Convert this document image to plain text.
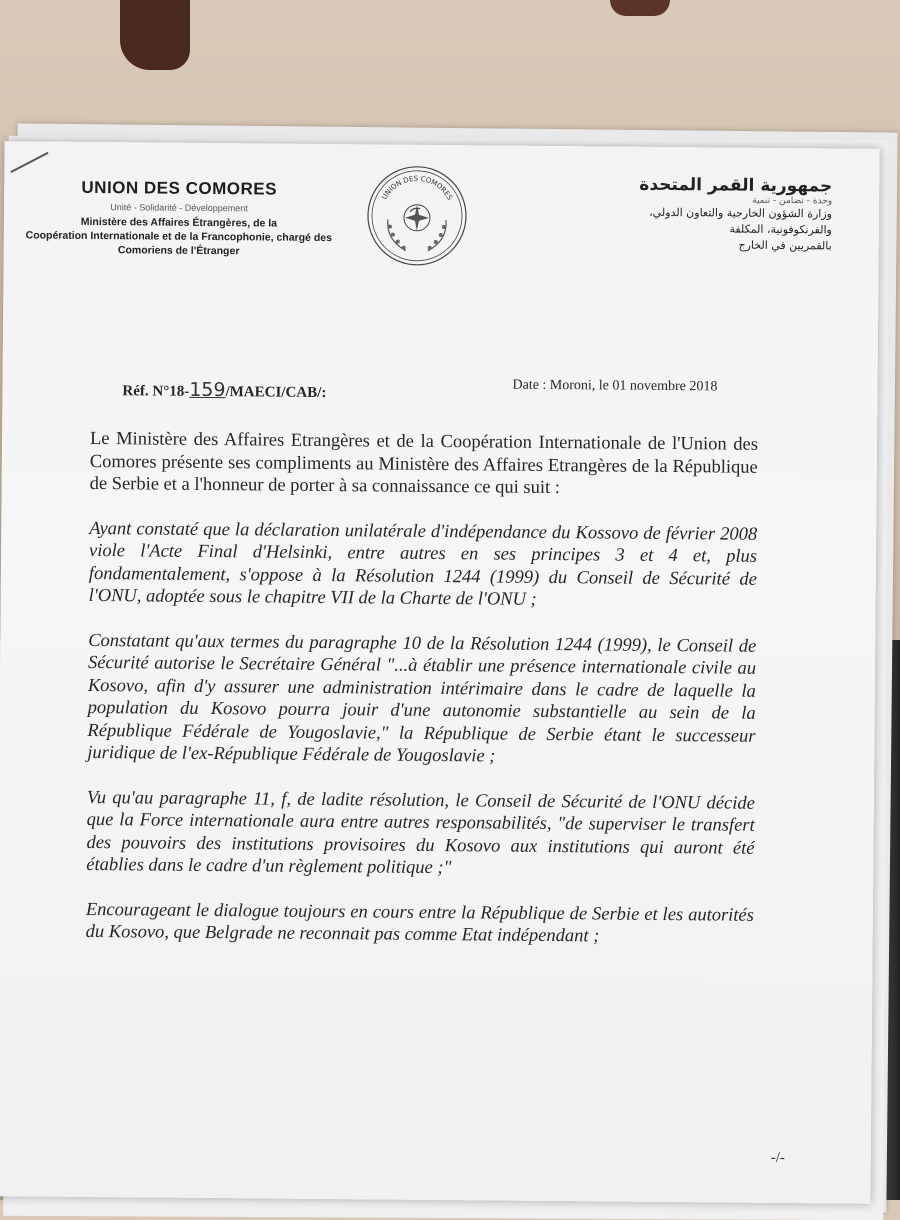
UNION DES COMORES
Unité - Solidarité - Développement
Ministère des Affaires Étrangères, de la
Coopération Internationale et de la Francophonie, chargé des
Comoriens de l'Étranger
UNION DES COMORES
جمهورية القمر المتحدة
وحدة - تضامن - تنمية
وزارة الشؤون الخارجية والتعاون الدولي،
والفرنكوفونية، المكلفة
بالقمريين في الخارج
Réf. N°18-159/MAECI/CAB/:	Date : Moroni, le 01 novembre 2018

Le Ministère des Affaires Etrangères et de la Coopération Internationale de l'Union des Comores présente ses compliments au Ministère des Affaires Etrangères de la République de Serbie et a l'honneur de porter à sa connaissance ce qui suit :

Ayant constaté que la déclaration unilatérale d'indépendance du Kossovo de février 2008 viole l'Acte Final d'Helsinki, entre autres en ses principes 3 et 4 et, plus fondamentalement, s'oppose à la Résolution 1244 (1999) du Conseil de Sécurité de l'ONU, adoptée sous le chapitre VII de la Charte de l'ONU ;

Constatant qu'aux termes du paragraphe 10 de la Résolution 1244 (1999), le Conseil de Sécurité autorise le Secrétaire Général "...à établir une présence internationale civile au Kosovo, afin d'y assurer une administration intérimaire dans le cadre de laquelle la population du Kosovo pourra jouir d'une autonomie substantielle au sein de la République Fédérale de Yougoslavie," la République de Serbie étant le successeur juridique de l'ex-République Fédérale de Yougoslavie ;

Vu qu'au paragraphe 11, f, de ladite résolution, le Conseil de Sécurité de l'ONU décide que la Force internationale aura entre autres responsabilités, "de superviser le transfert des pouvoirs des institutions provisoires du Kosovo aux institutions qui auront été établies dans le cadre d'un règlement politique ;"

Encourageant le dialogue toujours en cours entre la République de Serbie et les autorités du Kosovo, que Belgrade ne reconnait pas comme Etat indépendant ;

-/-
